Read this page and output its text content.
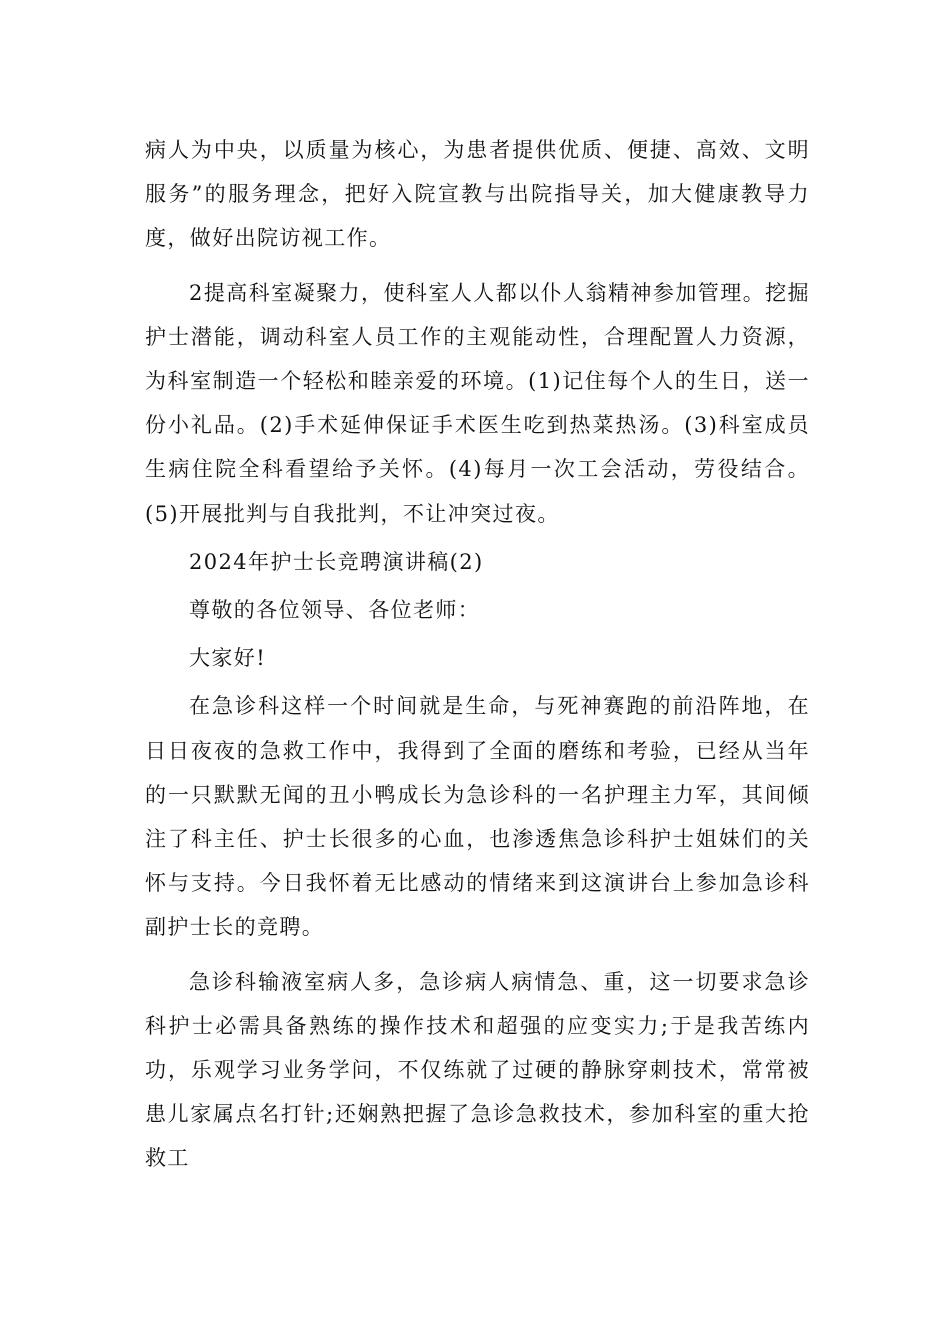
病人为中央，以质量为核心，为患者提供优质、便捷、高效、文明服务”的服务理念，把好入院宣教与出院指导关，加大健康教导力度，做好出院访视工作。

2提高科室凝聚力，使科室人人都以仆人翁精神参加管理。挖掘护士潜能，调动科室人员工作的主观能动性，合理配置人力资源，为科室制造一个轻松和睦亲爱的环境。(1)记住每个人的生日，送一份小礼品。(2)手术延伸保证手术医生吃到热菜热汤。(3)科室成员生病住院全科看望给予关怀。(4)每月一次工会活动，劳役结合。(5)开展批判与自我批判，不让冲突过夜。

2024年护士长竞聘演讲稿(2)

尊敬的各位领导、各位老师：

大家好!

在急诊科这样一个时间就是生命，与死神赛跑的前沿阵地，在日日夜夜的急救工作中，我得到了全面的磨练和考验，已经从当年的一只默默无闻的丑小鸭成长为急诊科的一名护理主力军，其间倾注了科主任、护士长很多的心血，也渗透焦急诊科护士姐妹们的关怀与支持。今日我怀着无比感动的情绪来到这演讲台上参加急诊科副护士长的竞聘。

急诊科输液室病人多，急诊病人病情急、重，这一切要求急诊科护士必需具备熟练的操作技术和超强的应变实力;于是我苦练内功，乐观学习业务学问，不仅练就了过硬的静脉穿刺技术，常常被患儿家属点名打针;还娴熟把握了急诊急救技术，参加科室的重大抢救工
